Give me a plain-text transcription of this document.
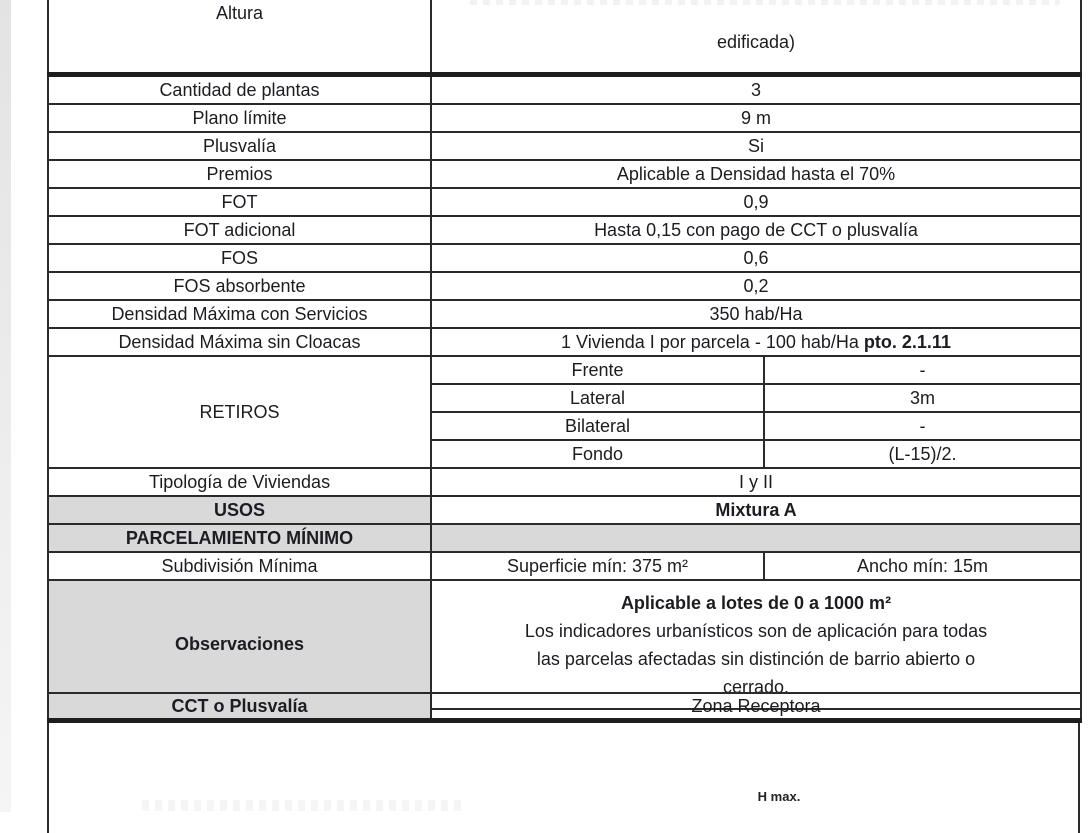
Altura	edificada)	

Cantidad de plantas	3	
Plano límite	9 m	
Plusvalía	Si	
Premios	Aplicable a Densidad hasta el 70%	
FOT	0,9	
FOT adicional	Hasta 0,15 con pago de CCT o plusvalía	
FOS	0,6	
FOS absorbente	0,2	
Densidad Máxima con Servicios	350 hab/Ha	
Densidad Máxima sin Cloacas	1 Vivienda I por parcela - 100 hab/Ha pto. 2.1.11	
RETIROS	Frente	-
	Lateral	3m
	Bilateral	-
	Fondo	(L-15)/2.
Tipología de Viviendas	I y II	
USOS	Mixtura A	
PARCELAMIENTO MÍNIMO		
Subdivisión Mínima	Superficie mín: 375 m²	Ancho mín: 15m
Observaciones	Aplicable a lotes de 0 a 1000 m²
Los indicadores urbanísticos son de aplicación para todas
las parcelas afectadas sin distinción de barrio abierto o
cerrado.	
CCT o Plusvalía	Zona Receptora
H max.
